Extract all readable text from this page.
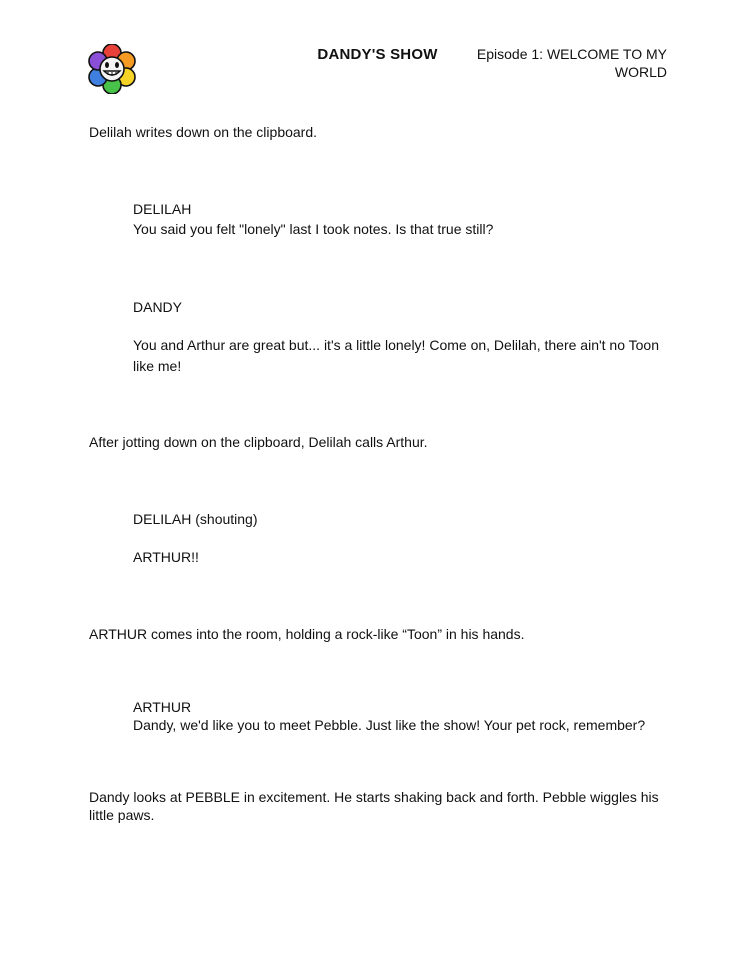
DANDY'S SHOW	Episode 1: WELCOME TO MY WORLD
Delilah writes down on the clipboard.
DELILAH
You said you felt "lonely" last I took notes. Is that true still?
DANDY
You and Arthur are great but... it's a little lonely! Come on, Delilah, there ain't no Toon like me!
After jotting down on the clipboard, Delilah calls Arthur.
DELILAH (shouting)
ARTHUR!!
ARTHUR comes into the room, holding a rock-like “Toon” in his hands.
ARTHUR
Dandy, we'd like you to meet Pebble. Just like the show! Your pet rock, remember?
Dandy looks at PEBBLE in excitement. He starts shaking back and forth. Pebble wiggles his little paws.
